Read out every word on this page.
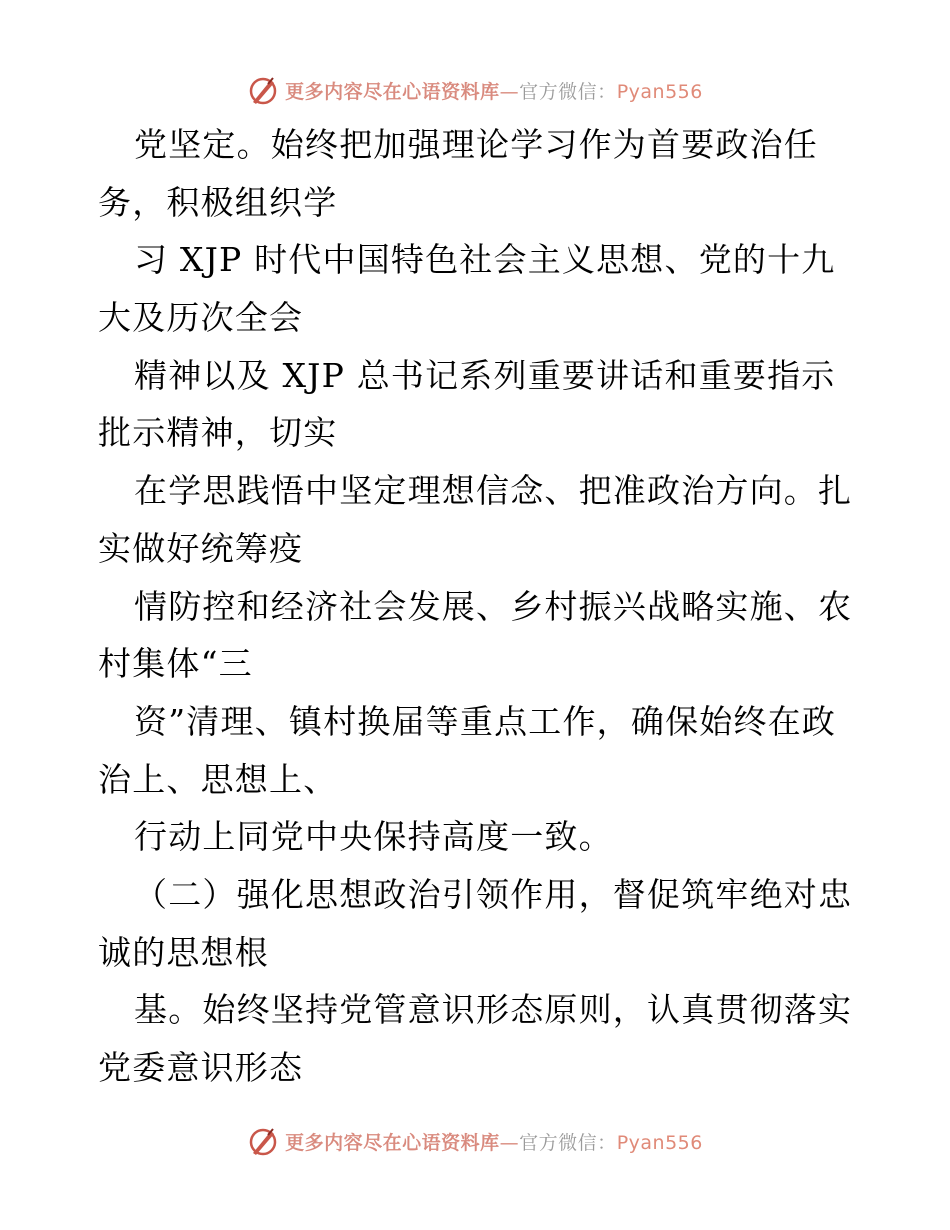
更多内容尽在心语资料库—官方微信：Pyan556
党坚定。始终把加强理论学习作为首要政治任
务，积极组织学
习 XJP 时代中国特色社会主义思想、党的十九
大及历次全会
精神以及 XJP 总书记系列重要讲话和重要指示
批示精神，切实
在学思践悟中坚定理想信念、把准政治方向。扎
实做好统筹疫
情防控和经济社会发展、乡村振兴战略实施、农
村集体“三
资”清理、镇村换届等重点工作，确保始终在政
治上、思想上、
行动上同党中央保持高度一致。
（二）强化思想政治引领作用，督促筑牢绝对忠
诚的思想根
基。始终坚持党管意识形态原则，认真贯彻落实
党委意识形态
更多内容尽在心语资料库—官方微信：Pyan556
